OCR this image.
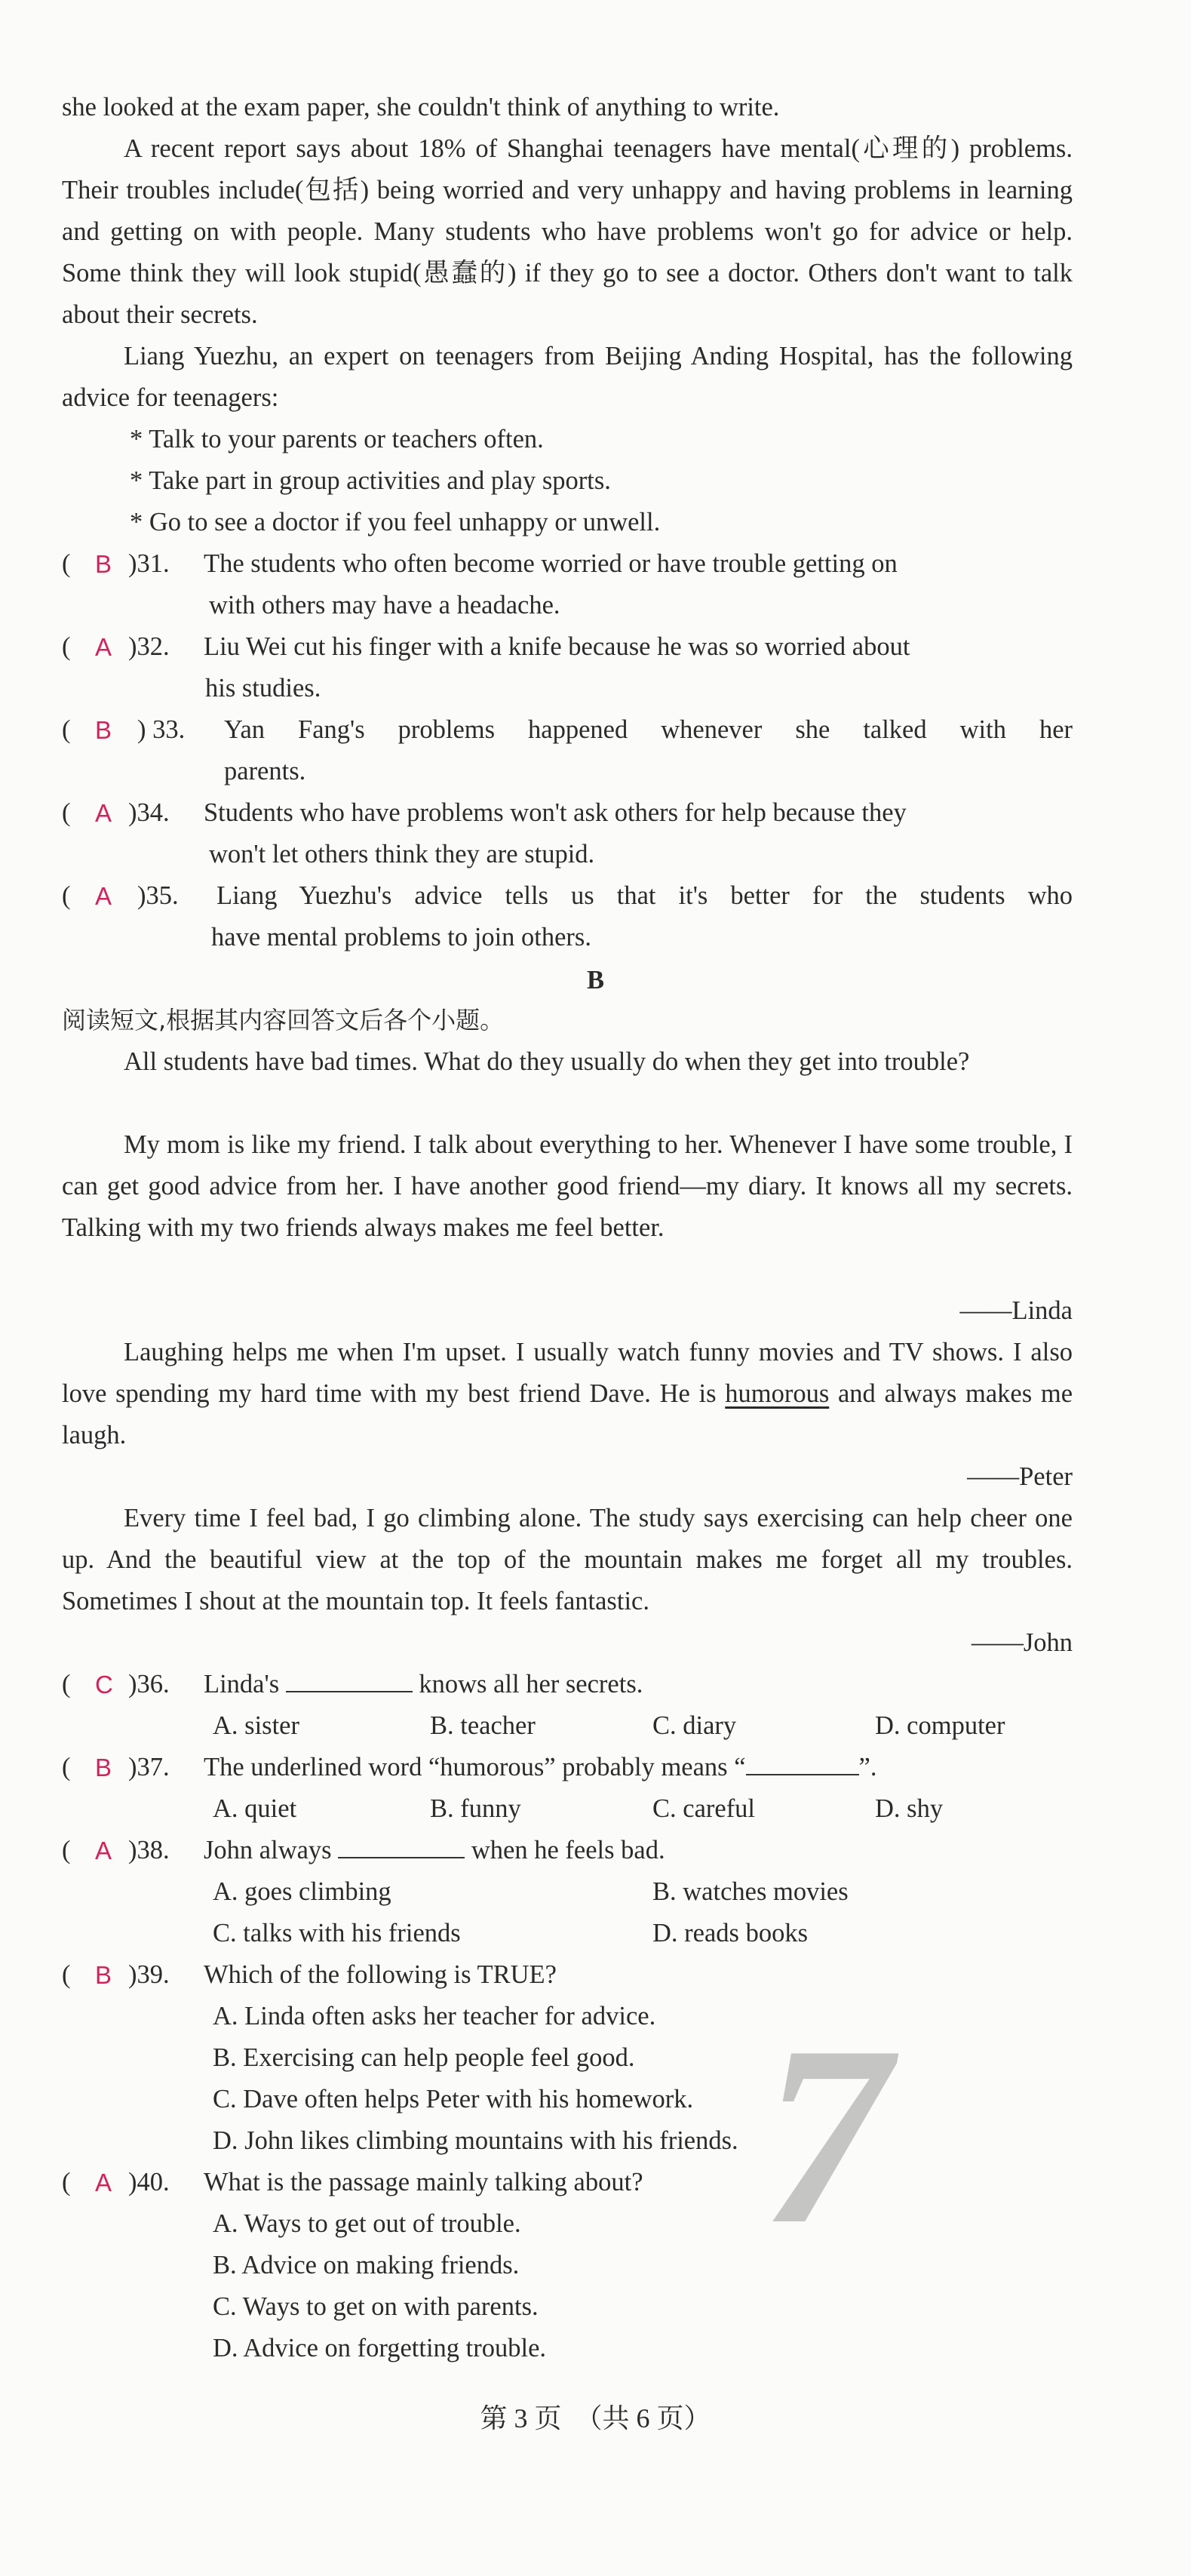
she looked at the exam paper, she couldn't think of anything to write.

A recent report says about 18% of Shanghai teenagers have mental(心理的) problems. Their troubles include(包括) being worried and very unhappy and having problems in learning and getting on with people. Many students who have problems won't go for advice or help. Some think they will look stupid(愚蠢的) if they go to see a doctor. Others don't want to talk about their secrets.

Liang Yuezhu, an expert on teenagers from Beijing Anding Hospital, has the following advice for teenagers:

* Talk to your parents or teachers often.

* Take part in group activities and play sports.

* Go to see a doctor if you feel unhappy or unwell.

( B )31. The students who often become worried or have trouble getting on
with others may have a headache.
( A )32. Liu Wei cut his finger with a knife because he was so worried about
his studies.
( B ) 33. Yan Fang's problems happened whenever she talked with her
parents.
( A )34. Students who have problems won't ask others for help because they
won't let others think they are stupid.
( A )35. Liang Yuezhu's advice tells us that it's better for the students who
have mental problems to join others.

B

阅读短文,根据其内容回答文后各个小题。

All students have bad times. What do they usually do when they get into trouble?

My mom is like my friend. I talk about everything to her. Whenever I have some trouble, I can get good advice from her. I have another good friend—my diary. It knows all my secrets. Talking with my two friends always makes me feel better.

——Linda

Laughing helps me when I'm upset. I usually watch funny movies and TV shows. I also love spending my hard time with my best friend Dave. He is humorous and always makes me laugh.

——Peter

Every time I feel bad, I go climbing alone. The study says exercising can help cheer one up. And the beautiful view at the top of the mountain makes me forget all my troubles. Sometimes I shout at the mountain top. It feels fantastic.

——John

( C )36. Linda's	knows all her secrets.
A. sister	B. teacher	C. diary	D. computer
( B )37. The underlined word “humorous” probably means “	”.
A. quiet	B. funny	C. careful	D. shy
( A )38. John always	when he feels bad.
A. goes climbing	B. watches movies
C. talks with his friends	D. reads books
( B )39. Which of the following is TRUE?
7
A. Linda often asks her teacher for advice.
B. Exercising can help people feel good.
C. Dave often helps Peter with his homework.
D. John likes climbing mountains with his friends.
( A )40. What is the passage mainly talking about?
A. Ways to get out of trouble.
B. Advice on making friends.
C. Ways to get on with parents.
D. Advice on forgetting trouble.
第 3 页　（共 6 页）
